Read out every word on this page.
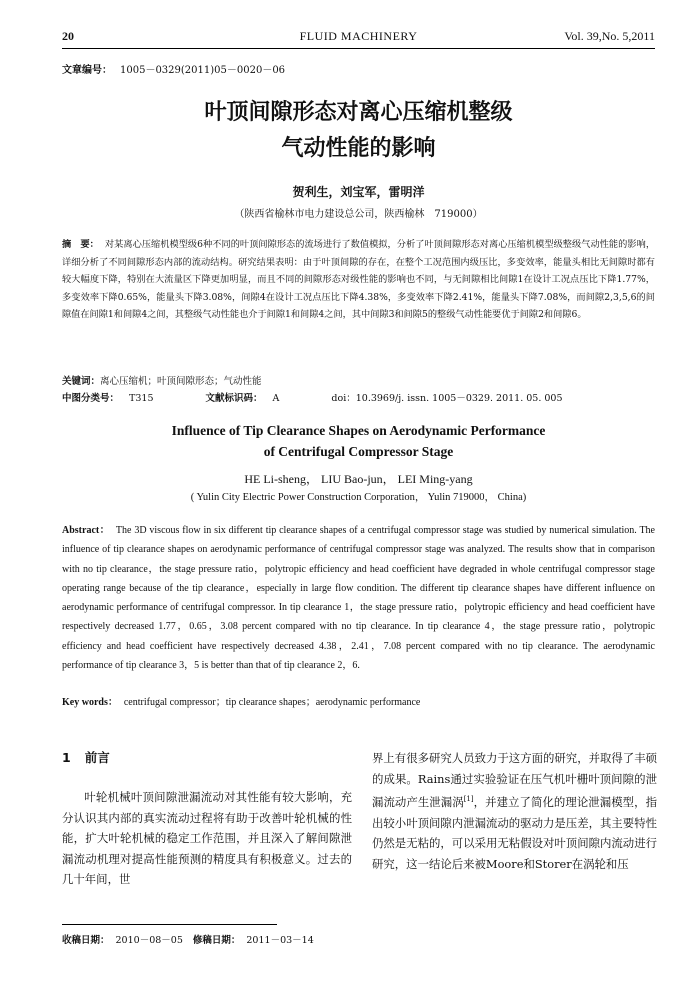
20	FLUID MACHINERY	Vol. 39,No. 5,2011
文章编号： 1005－0329(2011)05－0020－06
叶顶间隙形态对离心压缩机整级
气动性能的影响
贺利生，刘宝军，雷明洋
（陕西省榆林市电力建设总公司，陕西榆林　719000）
摘　要： 对某离心压缩机模型级6种不同的叶顶间隙形态的流场进行了数值模拟，分析了叶顶间隙形态对离心压缩机模型级整级气动性能的影响，详细分析了不同间隙形态内部的流动结构。研究结果表明：由于叶顶间隙的存在，在整个工况范围内级压比，多变效率，能量头相比无间隙时都有较大幅度下降，特别在大流量区下降更加明显，而且不同的间隙形态对级性能的影响也不同，与无间隙相比间隙1在设计工况点压比下降1.77%，多变效率下降0.65%，能量头下降3.08%，间隙4在设计工况点压比下降4.38%，多变效率下降2.41%，能量头下降7.08%，而间隙2,3,5,6的间隙值在间隙1和间隙4之间，其整级气动性能也介于间隙1和间隙4之间，其中间隙3和间隙5的整级气动性能要优于间隙2和间隙6。
关键词：离心压缩机；叶顶间隙形态；气动性能
中图分类号： T315	文献标识码： A	doi：10.3969/j. issn. 1005－0329. 2011. 05. 005
Influence of Tip Clearance Shapes on Aerodynamic Performance
of Centrifugal Compressor Stage
HE Li-sheng， LIU Bao-jun， LEI Ming-yang
( Yulin City Electric Power Construction Corporation， Yulin 719000， China)
Abstract： The 3D viscous flow in six different tip clearance shapes of a centrifugal compressor stage was studied by numerical simulation. The influence of tip clearance shapes on aerodynamic performance of centrifugal compressor stage was analyzed. The results show that in comparison with no tip clearance，the stage pressure ratio，polytropic efficiency and head coefficient have degraded in whole centrifugal compressor stage operating range because of the tip clearance，especially in large flow condition. The different tip clearance shapes have different influence on aerodynamic performance of centrifugal compressor. In tip clearance 1，the stage pressure ratio，polytropic efficiency and head coefficient have respectively decreased 1.77，0.65，3.08 percent compared with no tip clearance. In tip clearance 4，the stage pressure ratio，polytropic efficiency and head coefficient have respectively decreased 4.38，2.41，7.08 percent compared with no tip clearance. The aerodynamic performance of tip clearance 3，5 is better than that of tip clearance 2，6.
Key words： centrifugal compressor；tip clearance shapes；aerodynamic performance
1 前言
叶轮机械叶顶间隙泄漏流动对其性能有较大影响，充分认识其内部的真实流动过程将有助于改善叶轮机械的性能，扩大叶轮机械的稳定工作范围，并且深入了解间隙泄漏流动机理对提高性能预测的精度具有积极意义。过去的几十年间，世
界上有很多研究人员致力于这方面的研究，并取得了丰硕的成果。Rains通过实验验证在压气机叶栅叶顶间隙的泄漏流动产生泄漏涡[1]，并建立了简化的理论泄漏模型，指出较小叶顶间隙内泄漏流动的驱动力是压差，其主要特性仍然是无粘的，可以采用无粘假设对叶顶间隙内流动进行研究，这一结论后来被Moore和Storer在涡轮和压
收稿日期： 2010－08－05 修稿日期： 2011－03－14
